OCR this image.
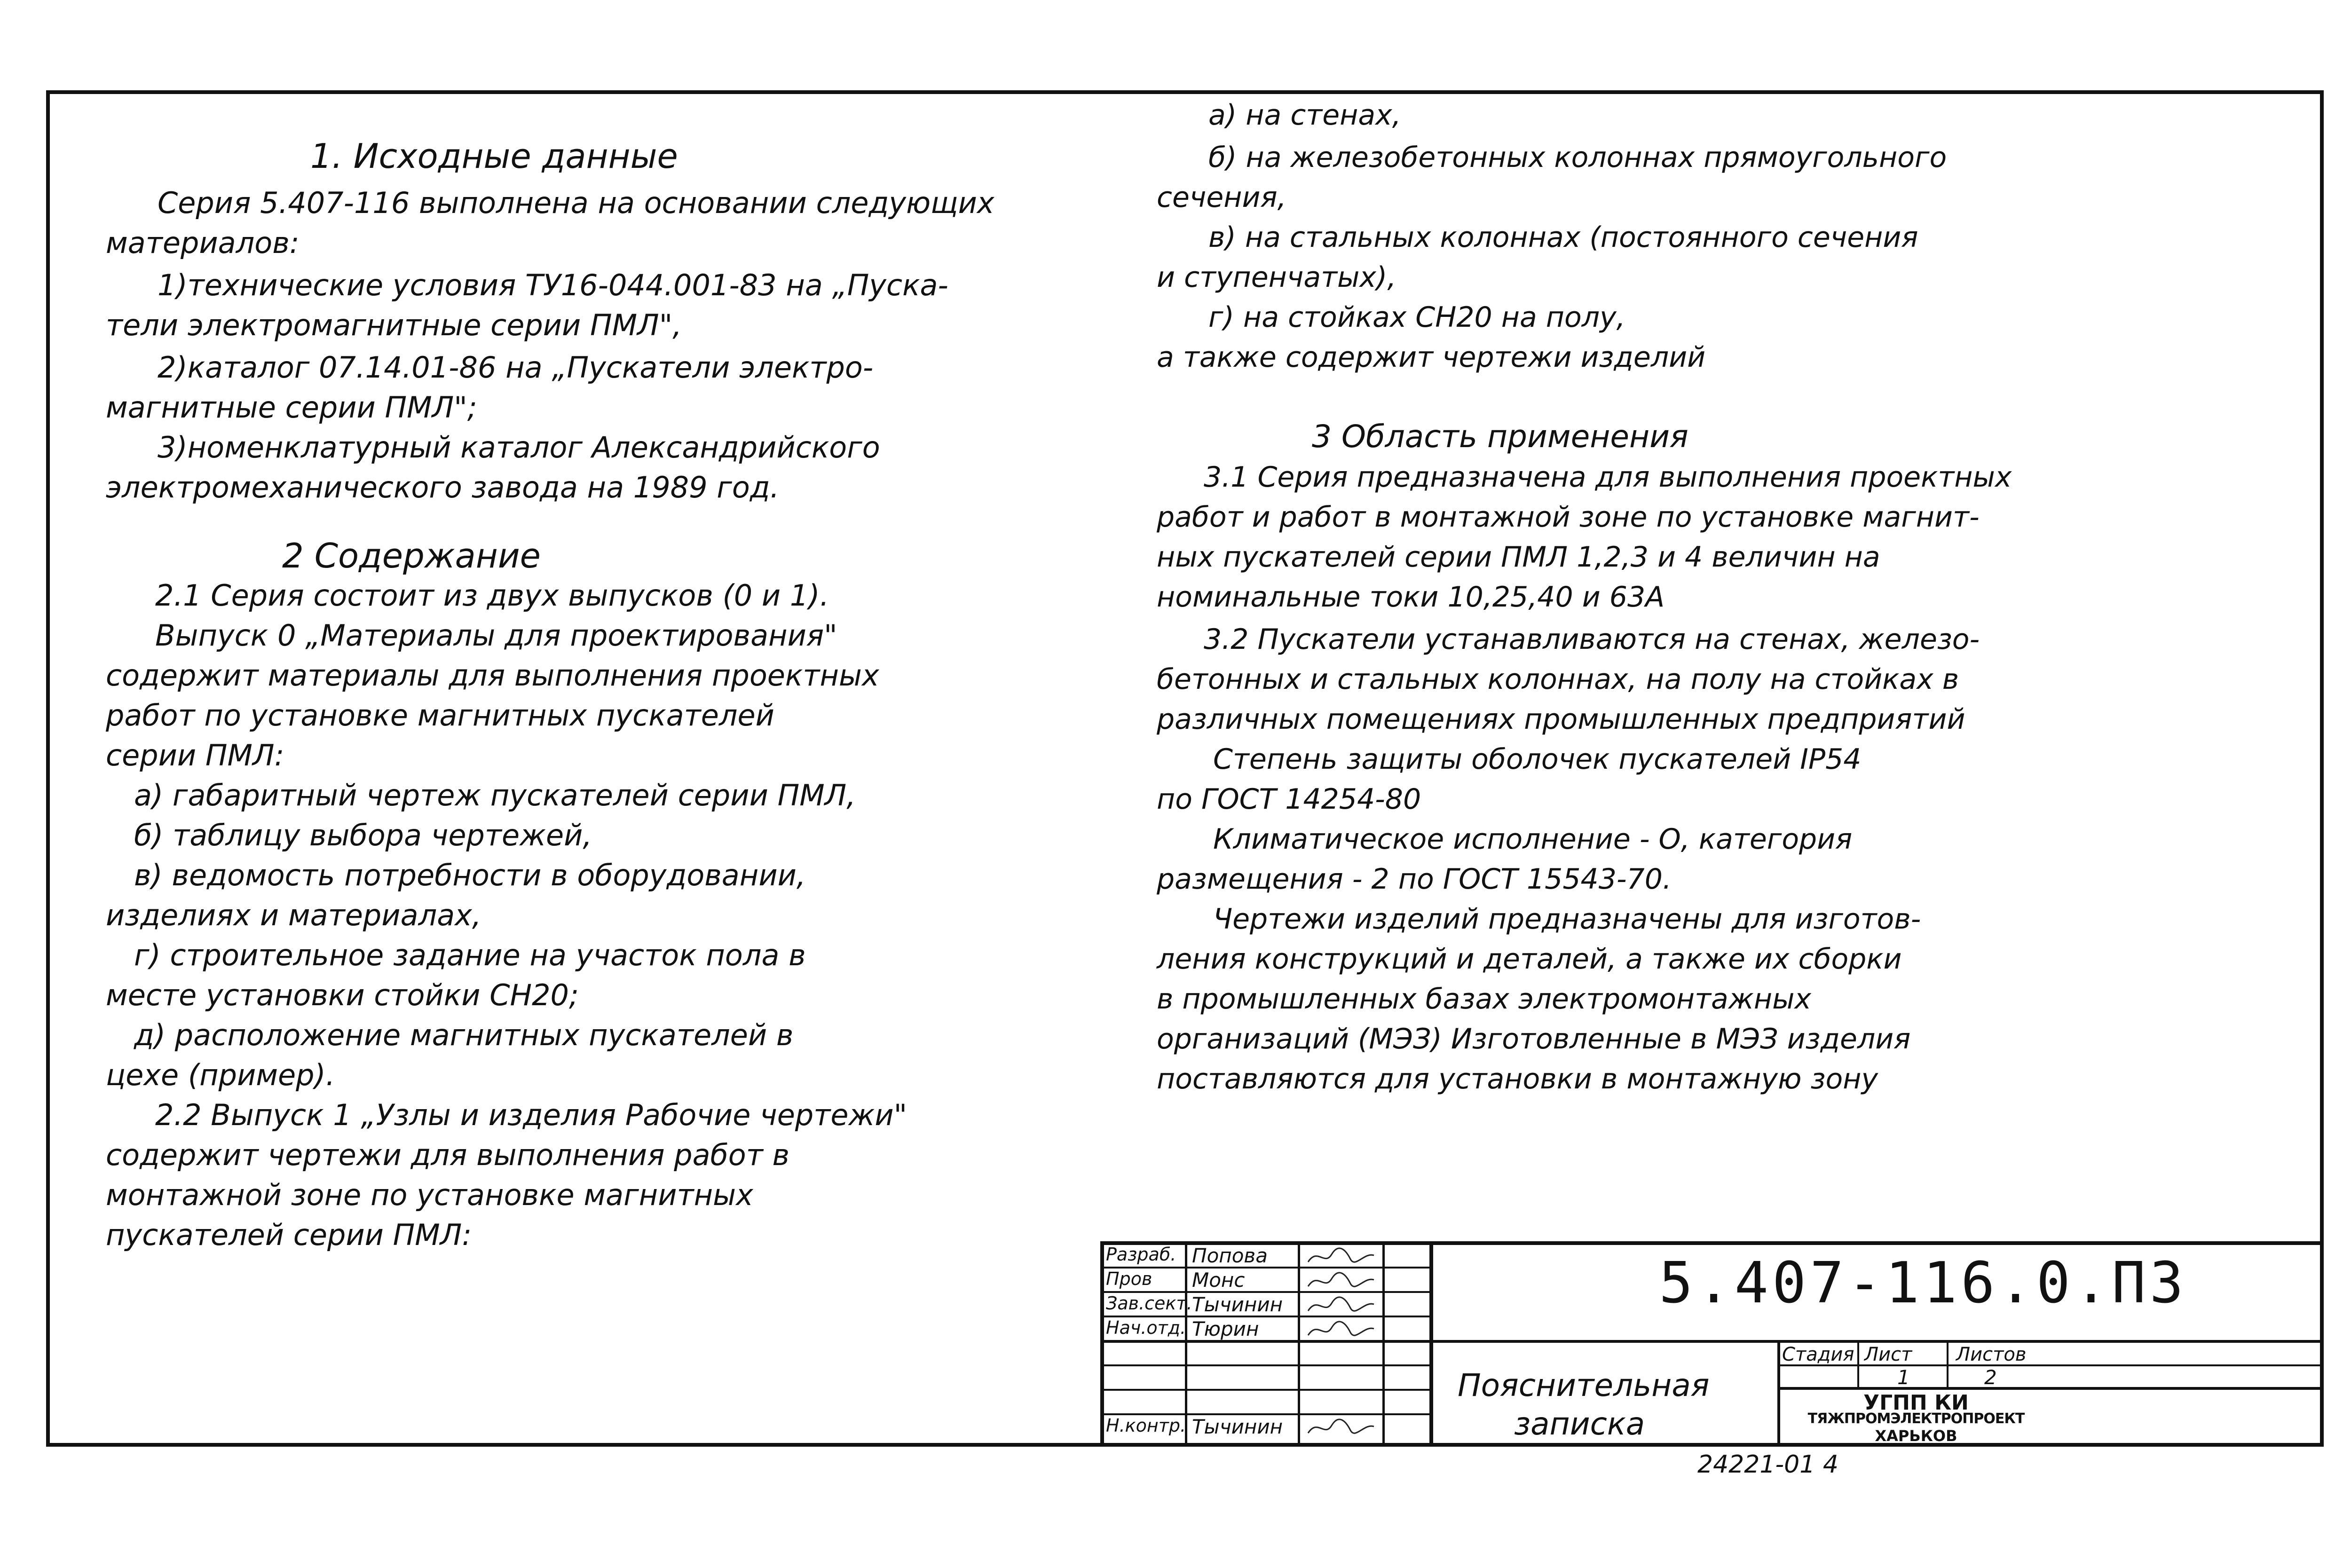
1. Исходные данные
Серия 5.407-116 выполнена на основании следующих
материалов:
1)технические условия ТУ16-044.001-83 на „Пуска-
тели электромагнитные серии ПМЛ",
2)каталог 07.14.01-86 на „Пускатели электро-
магнитные серии ПМЛ";
3)номенклатурный каталог Александрийского
электромеханического завода на 1989 год.
2 Содержание
2.1 Серия состоит из двух выпусков (0 и 1).
Выпуск 0 „Материалы для проектирования"
содержит материалы для выполнения проектных
работ по установке магнитных пускателей
серии ПМЛ:
а) габаритный чертеж пускателей серии ПМЛ,
б) таблицу выбора чертежей,
в) ведомость потребности в оборудовании,
изделиях и материалах,
г) строительное задание на участок пола в
месте установки стойки СН20;
д) расположение магнитных пускателей в
цехе (пример).
2.2 Выпуск 1 „Узлы и изделия Рабочие чертежи"
содержит чертежи для выполнения работ в
монтажной зоне по установке магнитных
пускателей серии ПМЛ:
а) на стенах,
б) на железобетонных колоннах прямоугольного
сечения,
в) на стальных колоннах (постоянного сечения
и ступенчатых),
г) на стойках СН20 на полу,
а также содержит чертежи изделий
3 Область применения
3.1 Серия предназначена для выполнения проектных
работ и работ в монтажной зоне по установке магнит-
ных пускателей серии ПМЛ 1,2,3 и 4 величин на
номинальные токи 10,25,40 и 63А
3.2 Пускатели устанавливаются на стенах, железо-
бетонных и стальных колоннах, на полу на стойках в
различных помещениях промышленных предприятий
Степень защиты оболочек пускателей IP54
по ГОСТ 14254-80
Климатическое исполнение - О, категория
размещения - 2 по ГОСТ 15543-70.
Чертежи изделий предназначены для изготов-
ления конструкций и деталей, а также их сборки
в промышленных базах электромонтажных
организаций (МЭЗ) Изготовленные в МЭЗ изделия
поставляются для установки в монтажную зону
Разраб. Попова
Пров Монс
Зав.сект. Тычинин
Нач.отд. Тюрин
Н.контр. Тычинин
5.407-116.0.ПЗ
Пояснительная
записка
Стадия Лист Листов
1	2
УГПП КИ
ТЯЖПРОМЭЛЕКТРОПРОЕКТ
ХАРЬКОВ
24221-01 4
